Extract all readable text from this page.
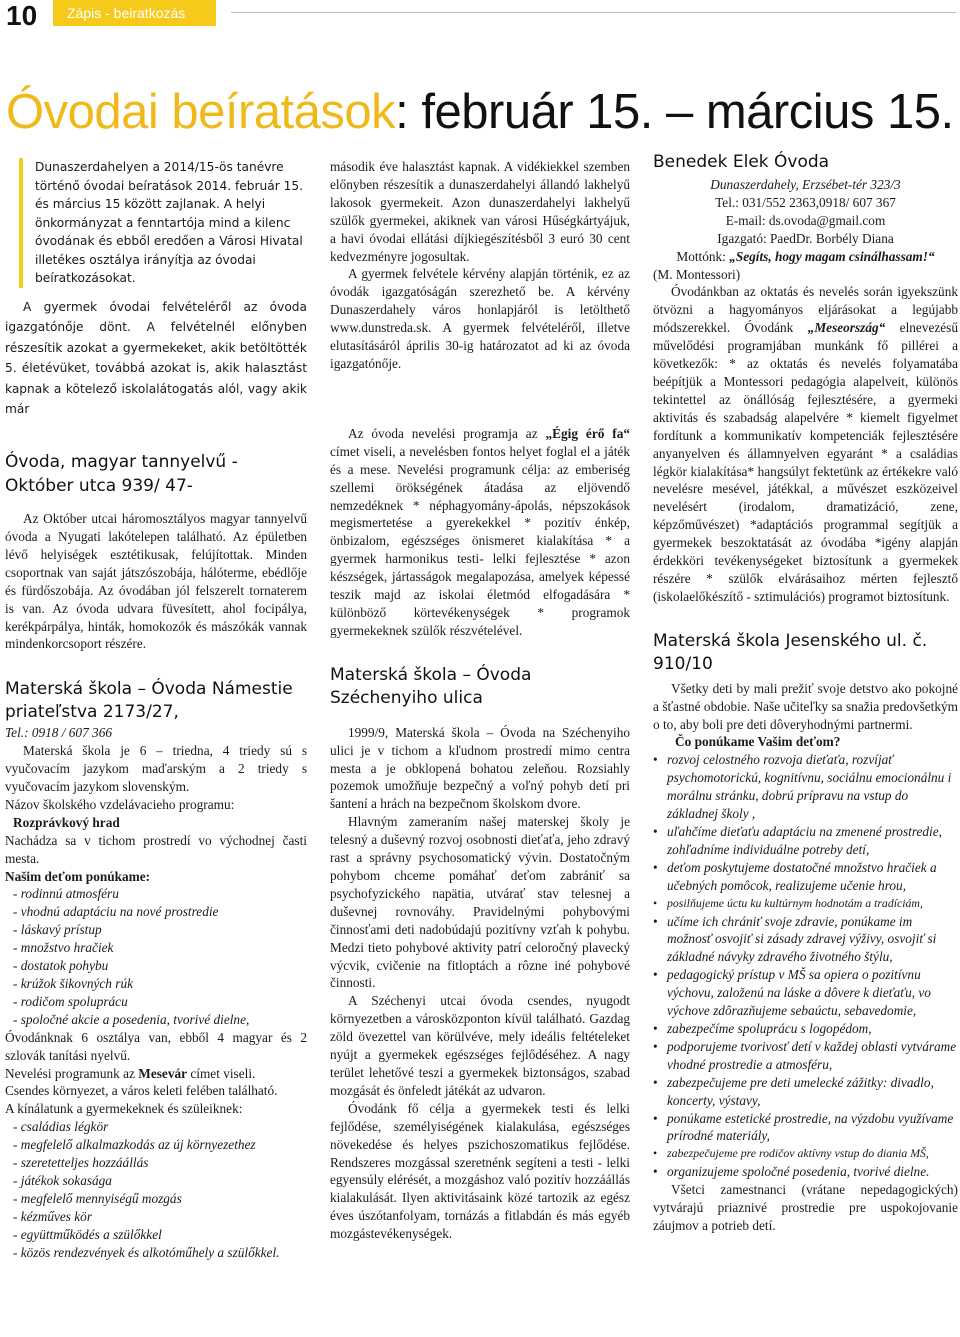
10	Zápis - beiratkozás
Óvodai beíratások: február 15. – március 15.

Dunaszerdahelyen a 2014/15-ös tanévre történő óvodai beíratások 2014. február 15. és március 15 között zajlanak. A helyi önkormányzat a fenntartója mind a kilenc óvodának és ebből eredően a Városi Hivatal illetékes osztálya irányítja az óvodai beíratkozásokat.

A gyermek óvodai felvételéről az óvoda igazgatónője dönt. A felvételnél előnyben részesítik azokat a gyermekeket, akik betöltötték 5. életévüket, továbbá azokat is, akik halasztást kapnak a kötelező iskolalátogatás alól, vagy akik már

Óvoda, magyar tannyelvű - Október utca 939/ 47-

Az Október utcai háromosztályos magyar tannyelvű óvoda a Nyugati lakótelepen található. Az épületben lévő helyiségek esztétikusak, felújítottak. Minden csoportnak van saját játszószobája, hálóterme, ebédlője és fürdőszobája. Az óvodában jól felszerelt tornaterem is van. Az óvoda udvara füvesített, ahol focipálya, kerékpárpálya, hinták, homokozók és mászókák vannak mindenkorcsoport részére.

Materská škola – Óvoda Námestie priateľstva 2173/27,

Tel.: 0918 / 607 366

Materská škola je 6 – triedna, 4 triedy sú s vyučovacím jazykom maďarským a 2 triedy s vyučovacím jazykom slovenským.

Názov školského vzdelávacieho programu:

Rozprávkový hrad

Nachádza sa v tichom prostredí vo východnej časti mesta.

Našim deťom ponúkame:

- rodinnú atmosféru
- vhodnú adaptáciu na nové prostredie
- láskavý prístup
- množstvo hračiek
- dostatok pohybu
- krúžok šikovných rúk
- rodičom spoluprácu
- spoločné akcie a posedenia, tvorivé dielne,

Óvodánknak 6 osztálya van, ebből 4 magyar és 2 szlovák tanítási nyelvű.

Nevelési programunk az Mesevár címet viseli.

Csendes környezet, a város keleti felében található.

A kínálatunk a gyermekeknek és szüleiknek:

- családias légkör
- megfelelő alkalmazkodás az új környezethez
- szeretetteljes hozzáállás
- játékok sokasága
- megfelelő mennyiségű mozgás
- kézműves kör
- együttműködés a szülőkkel
- közös rendezvények és alkotóműhely a szülőkkel.

második éve halasztást kapnak. A vidékiekkel szemben előnyben részesítik a dunaszerdahelyi állandó lakhelyű lakosok gyermekeit. Azon dunaszerdahelyi lakhelyű szülők gyermekei, akiknek van városi Hűségkártyájuk, a havi óvodai ellátási díjkiegészítésből 3 euró 30 cent kedvezményre jogosultak.

A gyermek felvétele kérvény alapján történik, ez az óvodák igazgatóságán szerezhető be. A kérvény Dunaszerdahely város honlapjáról is letölthető www.dunstreda.sk. A gyermek felvételéről, illetve elutasításáról április 30-ig határozatot ad ki az óvoda igazgatónője.

Az óvoda nevelési programja az „Égig érő fa“ címet viseli, a nevelésben fontos helyet foglal el a játék és a mese. Nevelési programunk célja: az emberiség szellemi örökségének átadása az eljövendő nemzedéknek * néphagyomány-ápolás, népszokások megismertetése a gyerekekkel * pozitív énkép, önbizalom, egészséges önismeret kialakítása * a gyermek harmonikus testi- lelki fejlesztése * azon készségek, jártasságok megalapozása, amelyek képessé teszik majd az iskolai életmód elfogadására * különböző körtevékenységek * programok gyermekeknek szülők részvételével.

Materská škola – Óvoda Széchenyiho ulica

1999/9, Materská škola – Óvoda na Széchenyiho ulici je v tichom a kľudnom prostredí mimo centra mesta a je obklopená bohatou zeleňou. Rozsiahly pozemok umožňuje bezpečný a voľný pohyb detí pri šantení a hrách na bezpečnom školskom dvore.

Hlavným zameraním našej materskej školy je telesný a duševný rozvoj osobnosti dieťaťa, jeho zdravý rast a správny psychosomatický vývin. Dostatočným pohybom chceme pomáhať deťom zabrániť sa psychofyzického napätia, utvárať stav telesnej a duševnej rovnováhy. Pravidelnými pohybovými činnosťami deti nadobúdajú pozitívny vzťah k pohybu. Medzi tieto pohybové aktivity patrí celoročný plavecký výcvik, cvičenie na fitloptách a rôzne iné pohybové činnosti.

A Széchenyi utcai óvoda csendes, nyugodt környezetben a városközponton kívül található. Gazdag zöld övezettel van körülvéve, mely ideális feltételeket nyújt a gyermekek egészséges fejlődéséhez. A nagy terület lehetővé teszi a gyermekek biztonságos, szabad mozgását és önfeledt játékát az udvaron.

Óvodánk fő célja a gyermekek testi és lelki fejlődése, személyiségének kialakulása, egészséges növekedése és helyes pszichoszomatikus fejlődése. Rendszeres mozgással szeretnénk segíteni a testi - lelki egyensúly elérését, a mozgáshoz való pozitív hozzáállás kialakulását. Ilyen aktivitásaink közé tartozik az egész éves úszótanfolyam, tornázás a fitlabdán és más egyéb mozgástevékenységek.

Benedek Elek Óvoda

Dunaszerdahely, Erzsébet-tér 323/3

Tel.: 031/552 2363,0918/ 607 367

E-mail: ds.ovoda@gmail.com

Igazgató: PaedDr. Borbély Diana

Mottónk: „Segíts, hogy magam csinálhassam!“

(M. Montessori)

Óvodánkban az oktatás és nevelés során igyekszünk ötvözni a hagyományos eljárásokat a legújabb módszerekkel. Óvodánk „Meseország“ elnevezésű művelődési programjában munkánk fő pillérei a következők: * az oktatás és nevelés folyamatába beépítjük a Montessori pedagógia alapelveit, különös tekintettel az önállóság fejlesztésére, a gyermeki aktivitás és szabadság alapelvére * kiemelt figyelmet fordítunk a kommunikatív kompetenciák fejlesztésére anyanyelven és államnyelven egyaránt * a családias légkör kialakítása* hangsúlyt fektetünk az értékekre való nevelésre mesével, játékkal, a művészet eszközeivel nevelésért (irodalom, dramatizáció, zene, képzőművészet) *adaptációs programmal segítjük a gyermekek beszoktatását az óvodába *igény alapján érdekköri tevékenységeket biztosítunk a gyermekek részére * szülők elvárásaihoz mérten fejlesztő (iskolaelőkészítő - sztimulációs) programot biztosítunk.

Materská škola Jesenského ul. č. 910/10

Všetky deti by mali prežiť svoje detstvo ako pokojné a šťastné obdobie. Naše učiteľky sa snažia predovšetkým o to, aby boli pre deti dôveryhodnými partnermi.

Čo ponúkame Vašim deťom?

• rozvoj celostného rozvoja dieťaťa, rozvíjať psychomotorickú, kognitívnu, sociálnu emocionálnu i morálnu stránku, dobrú prípravu na vstup do základnej školy ,
• uľahčíme dieťaťu adaptáciu na zmenené prostredie, zohľadníme individuálne potreby detí,
• deťom poskytujeme dostatočné množstvo hračiek a učebných pomôcok, realizujeme učenie hrou,
• posilňujeme úctu ku kultúrnym hodnotám a tradíciám,
• učíme ich chrániť svoje zdravie, ponúkame im možnosť osvojiť si zásady zdravej výživy, osvojiť si základné návyky zdravého životného štýlu,
• pedagogický prístup v MŠ sa opiera o pozitívnu výchovu, založenú na láske a dôvere k dieťaťu, vo výchove zdôrazňujeme sebaúctu, sebavedomie,
• zabezpečíme spoluprácu s logopédom,
• podporujeme tvorivosť detí v každej oblasti vytvárame vhodné prostredie a atmosféru,
• zabezpečujeme pre deti umelecké zážitky: divadlo, koncerty, výstavy,
• ponúkame estetické prostredie, na výzdobu využívame prírodné materiály,
• zabezpečujeme pre rodičov aktívny vstup do diania MŠ,
• organizujeme spoločné posedenia, tvorivé dielne.

Všetci zamestnanci (vrátane nepedagogických) vytvárajú priaznivé prostredie pre uspokojovanie záujmov a potrieb detí.
